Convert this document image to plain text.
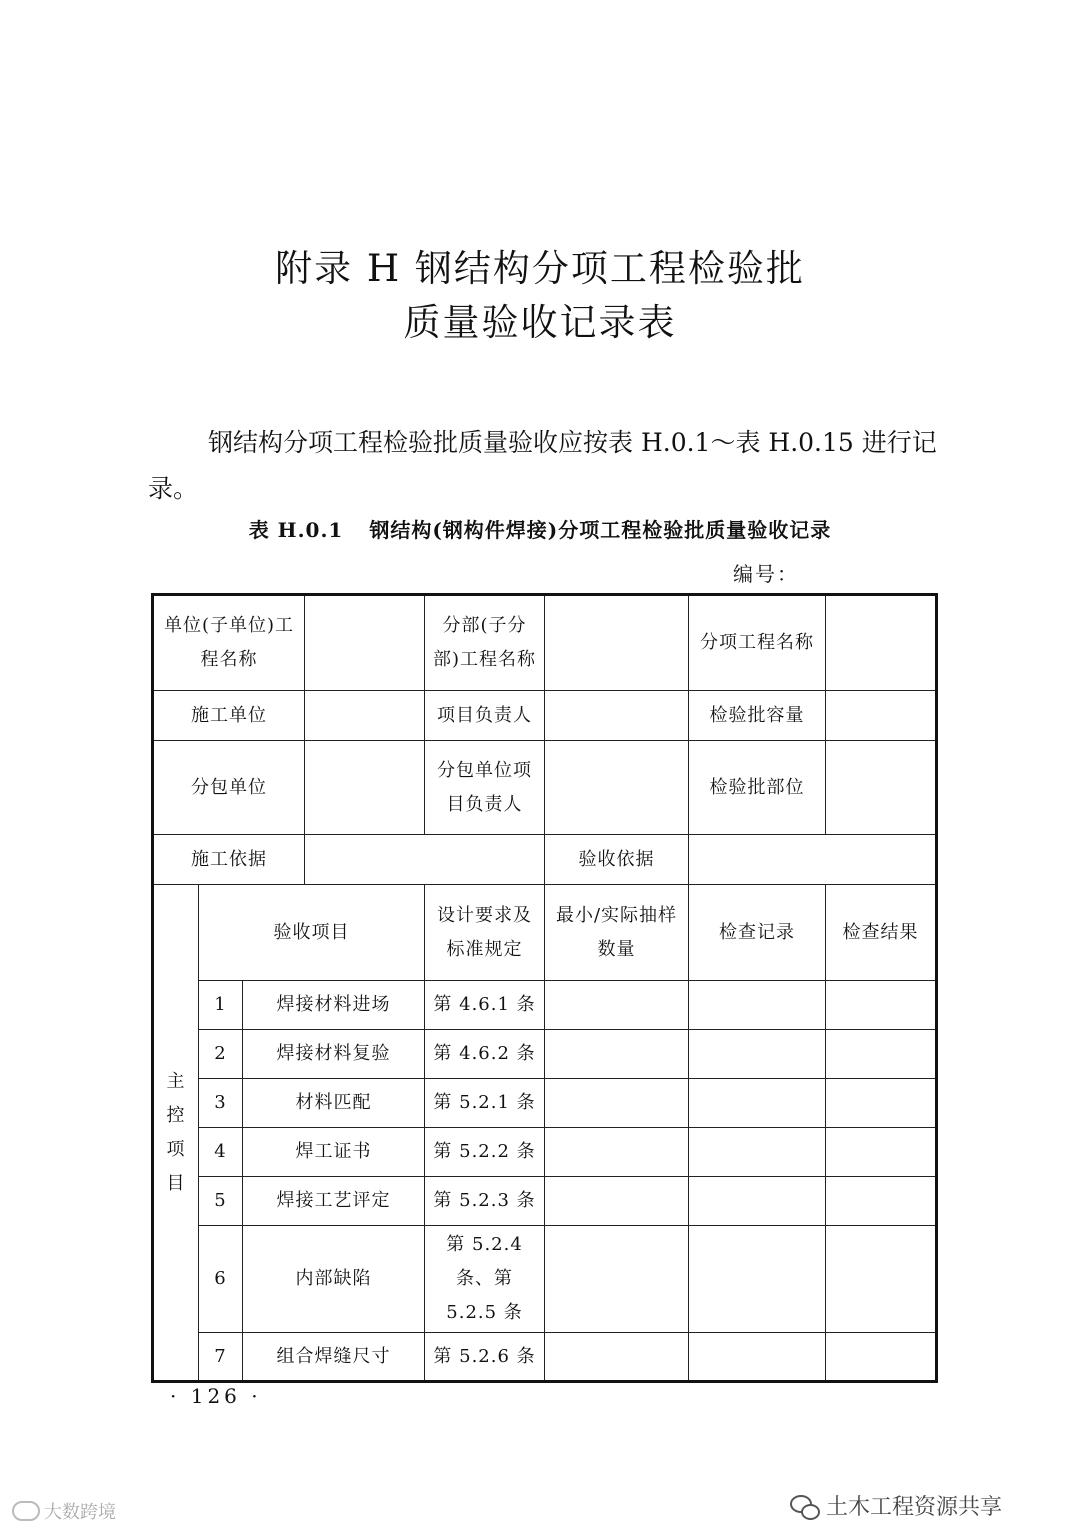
附录 H 钢结构分项工程检验批
质量验收记录表
钢结构分项工程检验批质量验收应按表 H.0.1～表 H.0.15 进行记录。
表 H.0.1 钢结构(钢构件焊接)分项工程检验批质量验收记录
编号：
单位(子单位)工程名称				分部(子分部)工程名称		分项工程名称	
施工单位				项目负责人		检验批容量	
分包单位				分包单位项目负责人		检验批部位	
施工依据					验收依据		

主
控
项
目	验收项目			设计要求及标准规定	最小/实际抽样数量	检查记录	检查结果
	1	焊接材料进场		第 4.6.1 条			
	2	焊接材料复验		第 4.6.2 条			
	3	材料匹配		第 5.2.1 条			
	4	焊工证书		第 5.2.2 条			
	5	焊接工艺评定		第 5.2.3 条			
	6	内部缺陷		第 5.2.4 条、第 5.2.5 条			
	7	组合焊缝尺寸		第 5.2.6 条			
· 126 ·
土木工程资源共享
大数跨境
